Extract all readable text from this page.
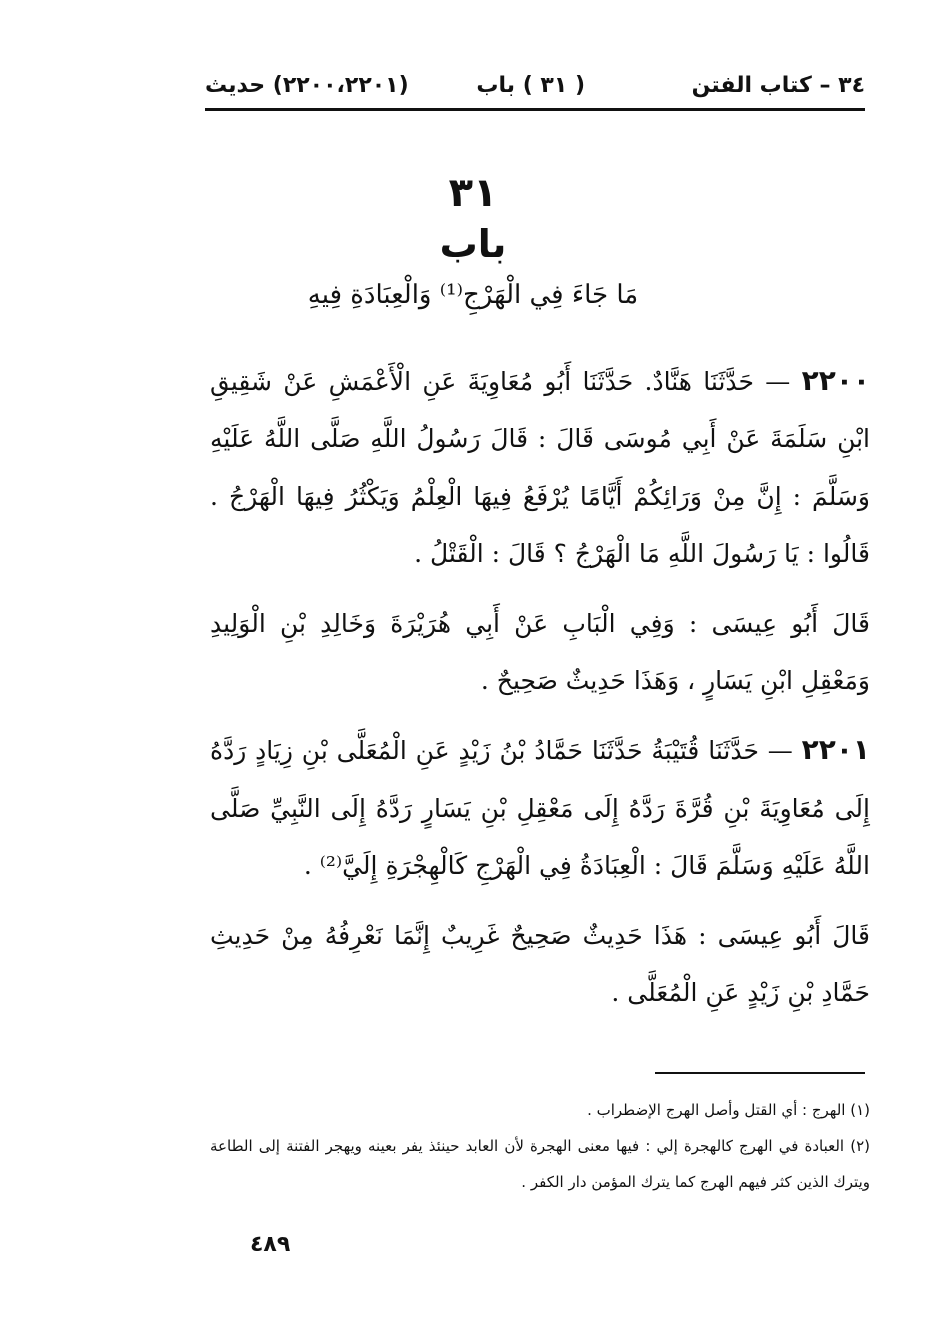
٣٤ – كتاب الفتن
( ٣١ ) باب
(٢٢٠٠،٢٢٠١) حديث
٣١
باب
مَا جَاءَ فِي الْهَرْجِ⁽¹⁾ وَالْعِبَادَةِ فِيهِ

٢٢٠٠ — حَدَّثَنَا هَنَّادٌ. حَدَّثَنَا أَبُو مُعَاوِيَةَ عَنِ الْأَعْمَشِ عَنْ شَقِيقِ ابْنِ سَلَمَةَ عَنْ أَبِي مُوسَى قَالَ : قَالَ رَسُولُ اللَّهِ صَلَّى اللَّهُ عَلَيْهِ وَسَلَّمَ : إِنَّ مِنْ وَرَائِكُمْ أَيَّامًا يُرْفَعُ فِيهَا الْعِلْمُ وَيَكْثُرُ فِيهَا الْهَرْجُ . قَالُوا : يَا رَسُولَ اللَّهِ مَا الْهَرْجُ ؟ قَالَ : الْقَتْلُ .

قَالَ أَبُو عِيسَى : وَفِي الْبَابِ عَنْ أَبِي هُرَيْرَةَ وَخَالِدِ بْنِ الْوَلِيدِ وَمَعْقِلِ ابْنِ يَسَارٍ ، وَهَذَا حَدِيثٌ صَحِيحٌ .

٢٢٠١ — حَدَّثَنَا قُتَيْبَةُ حَدَّثَنَا حَمَّادُ بْنُ زَيْدٍ عَنِ الْمُعَلَّى بْنِ زِيَادٍ رَدَّهُ إِلَى مُعَاوِيَةَ بْنِ قُرَّةَ رَدَّهُ إِلَى مَعْقِلِ بْنِ يَسَارٍ رَدَّهُ إِلَى النَّبِيِّ صَلَّى اللَّهُ عَلَيْهِ وَسَلَّمَ قَالَ : الْعِبَادَةُ فِي الْهَرْجِ كَالْهِجْرَةِ إِلَيَّ⁽²⁾ .

قَالَ أَبُو عِيسَى : هَذَا حَدِيثٌ صَحِيحٌ غَرِيبٌ إِنَّمَا نَعْرِفُهُ مِنْ حَدِيثِ حَمَّادِ بْنِ زَيْدٍ عَنِ الْمُعَلَّى .

(١) الهرج : أي القتل وأصل الهرج الإضطراب .

(٢) العبادة في الهرج كالهجرة إلي : فيها معنى الهجرة لأن العابد حينئذ يفر بعينه ويهجر الفتنة إلى الطاعة ويترك الذين كثر فيهم الهرج كما يترك المؤمن دار الكفر .

٤٨٩
